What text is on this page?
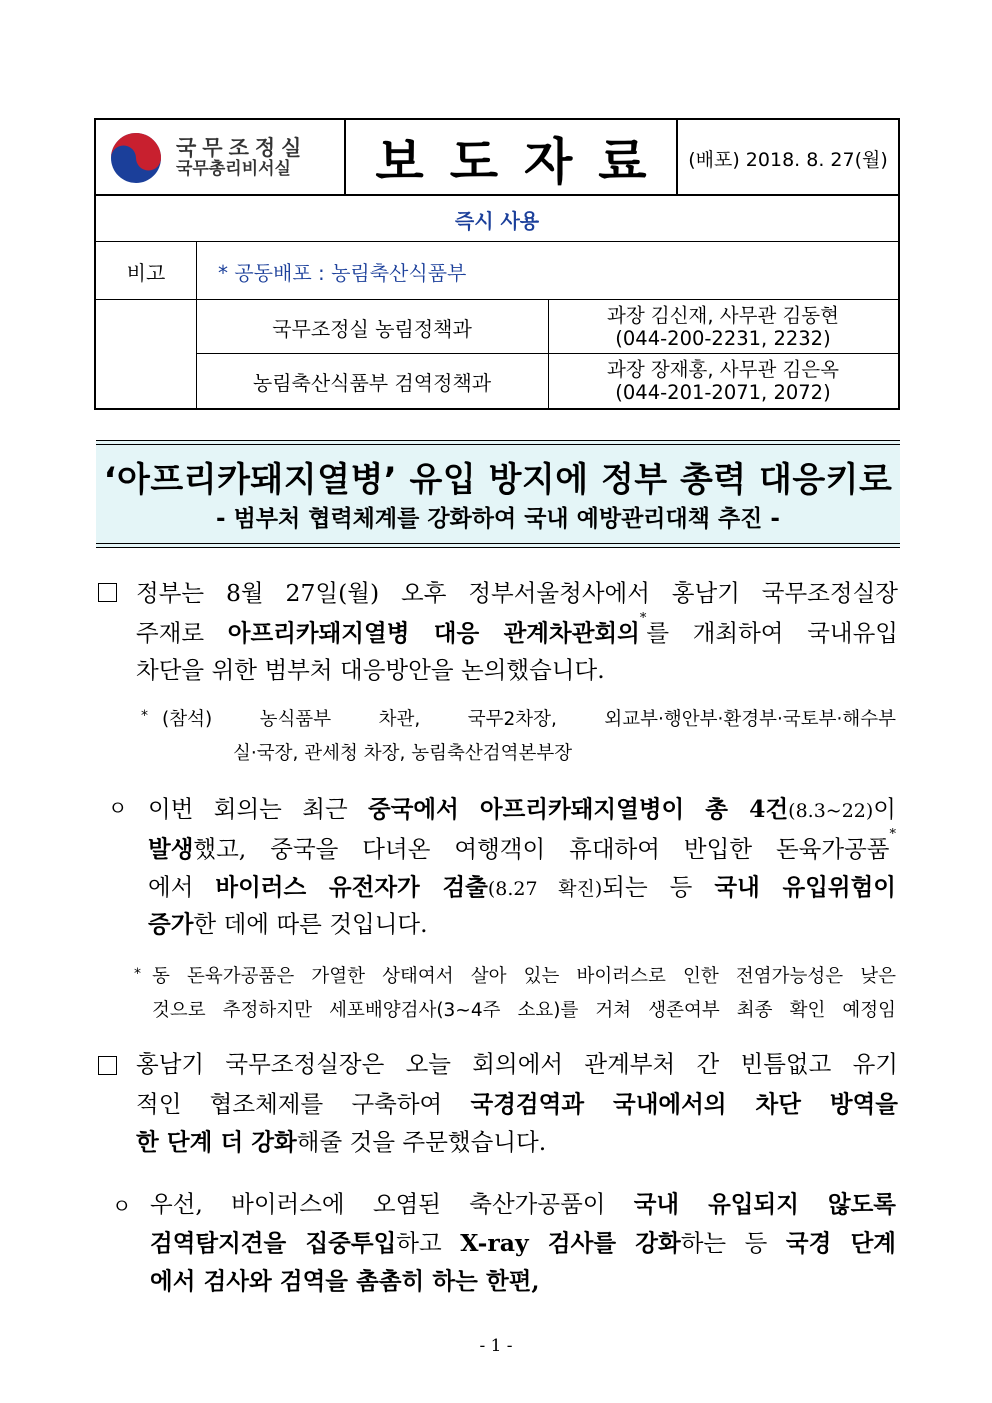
국무조정실
국무총리비서실	보도자료 (배포) 2018. 8. 27(월)
즉시 사용
비고	* 공동배포 : 농림축산식품부
국무조정실 농림정책과
과장 김신재, 사무관 김동현
(044-200-2231, 2232)
농림축산식품부 검역정책과
과장 장재홍, 사무관 김은옥
(044-201-2071, 2072)
‘아프리카돼지열병’ 유입 방지에 정부 총력 대응키로
- 범부처 협력체계를 강화하여 국내 예방관리대책 추진 -
정부는 8월 27일(월) 오후 정부서울청사에서 홍남기 국무조정실장
주재로 아프리카돼지열병 대응 관계차관회의*를 개최하여 국내유입
차단을 위한 범부처 대응방안을 논의했습니다.
* (참석) 농식품부 차관, 국무2차장, 외교부·행안부·환경부·국토부·해수부
실·국장, 관세청 차장, 농림축산검역본부장
ㅇ 이번 회의는 최근 중국에서 아프리카돼지열병이 총 4건(8.3~22)이
발생했고, 중국을 다녀온 여행객이 휴대하여 반입한 돈육가공품*
에서 바이러스 유전자가 검출(8.27 확진)되는 등 국내 유입위험이
증가한 데에 따른 것입니다.
* 동 돈육가공품은 가열한 상태여서 살아 있는 바이러스로 인한 전염가능성은 낮은
것으로 추정하지만 세포배양검사(3~4주 소요)를 거쳐 생존여부 최종 확인 예정임
홍남기 국무조정실장은 오늘 회의에서 관계부처 간 빈틈없고 유기
적인 협조체제를 구축하여 국경검역과 국내에서의 차단 방역을
한 단계 더 강화해줄 것을 주문했습니다.
ㅇ 우선, 바이러스에 오염된 축산가공품이 국내 유입되지 않도록
검역탐지견을 집중투입하고 X-ray 검사를 강화하는 등 국경 단계
에서 검사와 검역을 촘촘히 하는 한편,
- 1 -
